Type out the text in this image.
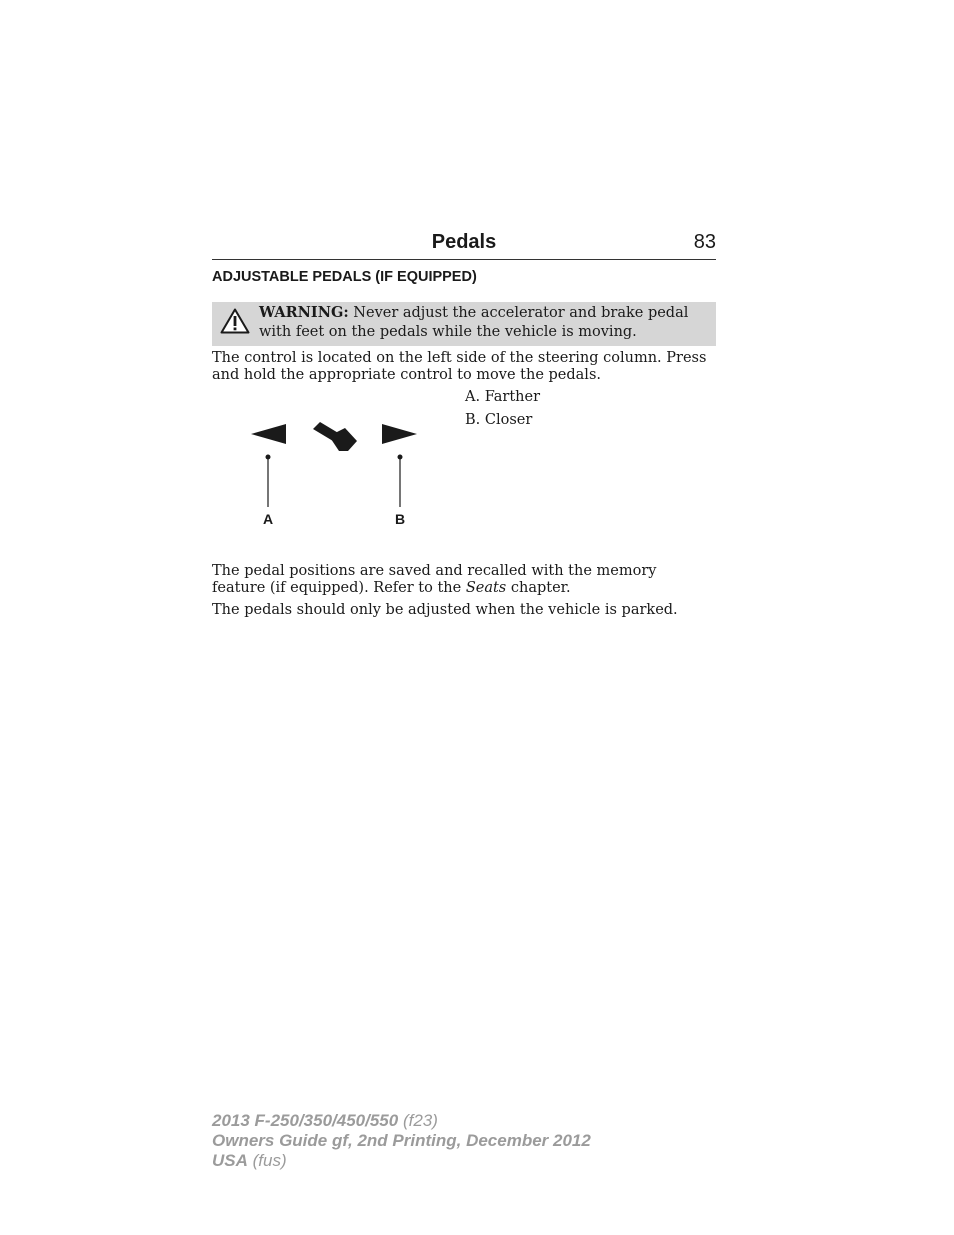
Pedals	83
ADJUSTABLE PEDALS (IF EQUIPPED)
WARNING: Never adjust the accelerator and brake pedal with feet on the pedals while the vehicle is moving.
The control is located on the left side of the steering column. Press and hold the appropriate control to move the pedals.
A. Farther
B. Closer
A	B
The pedal positions are saved and recalled with the memory feature (if equipped). Refer to the Seats chapter.
The pedals should only be adjusted when the vehicle is parked.
2013 F-250/350/450/550 (f23)
Owners Guide gf, 2nd Printing, December 2012
USA (fus)
